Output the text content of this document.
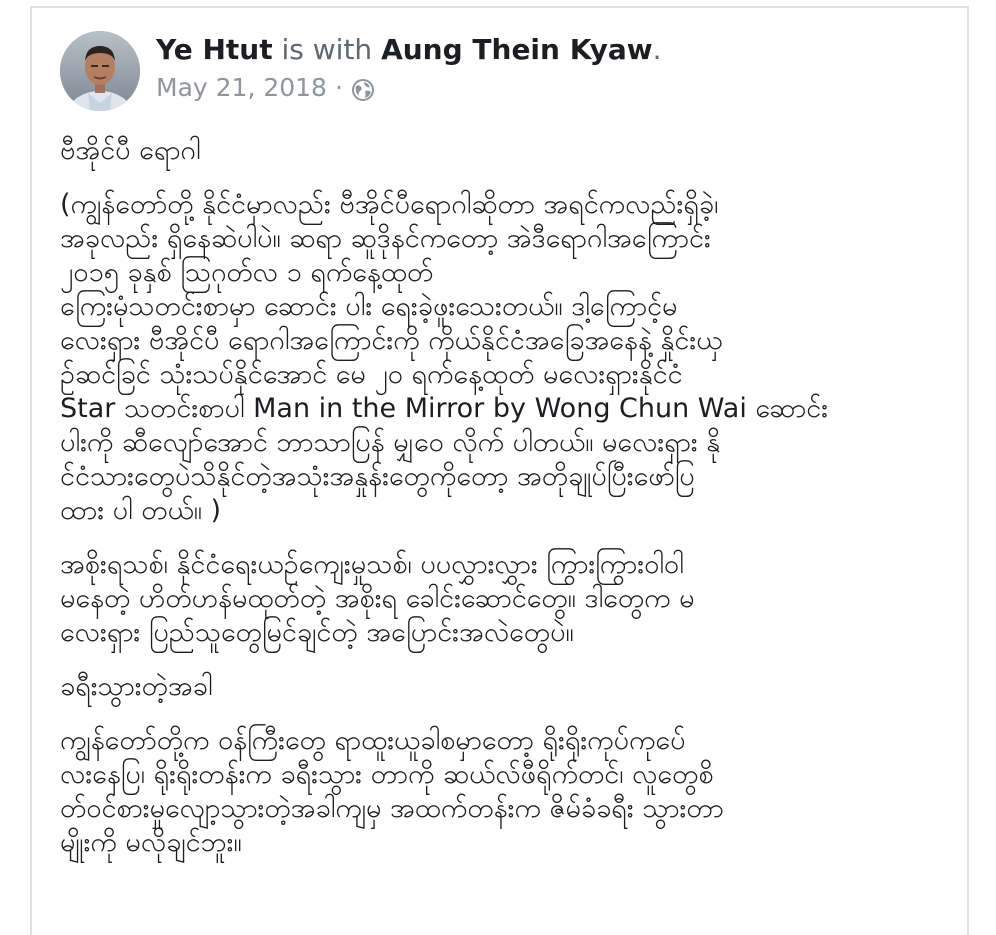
Ye Htut is with Aung Thein Kyaw.
May 21, 2018 ·

ဗီအိုင်ပီ ရောဂါ

(ကျွန်တော်တို့ နိုင်ငံမှာလည်း ဗီအိုင်ပီရောဂါဆိုတာ အရင်ကလည်းရှိခဲ့၊
အခုလည်း ရှိနေဆဲပါပဲ။ ဆရာ ဆူဒိုနင်ကတော့ အဲဒီရောဂါအကြောင်း
၂၀၁၅ ခုနှစ် ဩဂုတ်လ ၁ ရက်နေ့ထုတ်
ကြေးမုံသတင်းစာမှာ ဆောင်း ပါး ရေးခဲ့ဖူးသေးတယ်။ ဒါ့ကြောင့်မ
လေးရှား ဗီအိုင်ပီ ရောဂါအကြောင်းကို ကိုယ်နိုင်ငံအခြေအနေနဲ့ နှိုင်းယှ
ဉ်ဆင်ခြင် သုံးသပ်နိုင်အောင် မေ ၂၀ ရက်နေ့ထုတ် မလေးရှားနိုင်ငံ
Star သတင်းစာပါ Man in the Mirror by Wong Chun Wai ဆောင်း
ပါးကို ဆီလျော်အောင် ဘာသာပြန် မျှဝေ လိုက် ပါတယ်။ မလေးရှား နို
င်ငံသားတွေပဲသိနိုင်တဲ့အသုံးအနှုန်းတွေကိုတော့ အတိုချုပ်ပြီးဖော်ပြ
ထား ပါ တယ်။ )

အစိုးရသစ်၊ နိုင်ငံရေးယဉ်ကျေးမှုသစ်၊ ပပလွှားလွှား ကြွားကြွားဝါဝါ
မနေတဲ့ ဟိတ်ဟန်မထုတ်တဲ့ အစိုးရ ခေါင်းဆောင်တွေ။ ဒါတွေက မ
လေးရှား ပြည်သူတွေမြင်ချင်တဲ့ အပြောင်းအလဲတွေပဲ။

ခရီးသွားတဲ့အခါ

ကျွန်တော်တို့က ဝန်ကြီးတွေ ရာထူးယူခါစမှာတော့ ရိုးရိုးကုပ်ကုပ်ေ
လးနေပြ၊ ရိုးရိုးတန်းက ခရီးသွား တာကို ဆယ်လ်ဖီရိုက်တင်၊ လူတွေစိ
တ်ဝင်စားမှုလျော့သွားတဲ့အခါကျမှ အထက်တန်းက ဇိမ်ခံခရီး သွားတာ
မျိုးကို မလိုချင်ဘူး။
